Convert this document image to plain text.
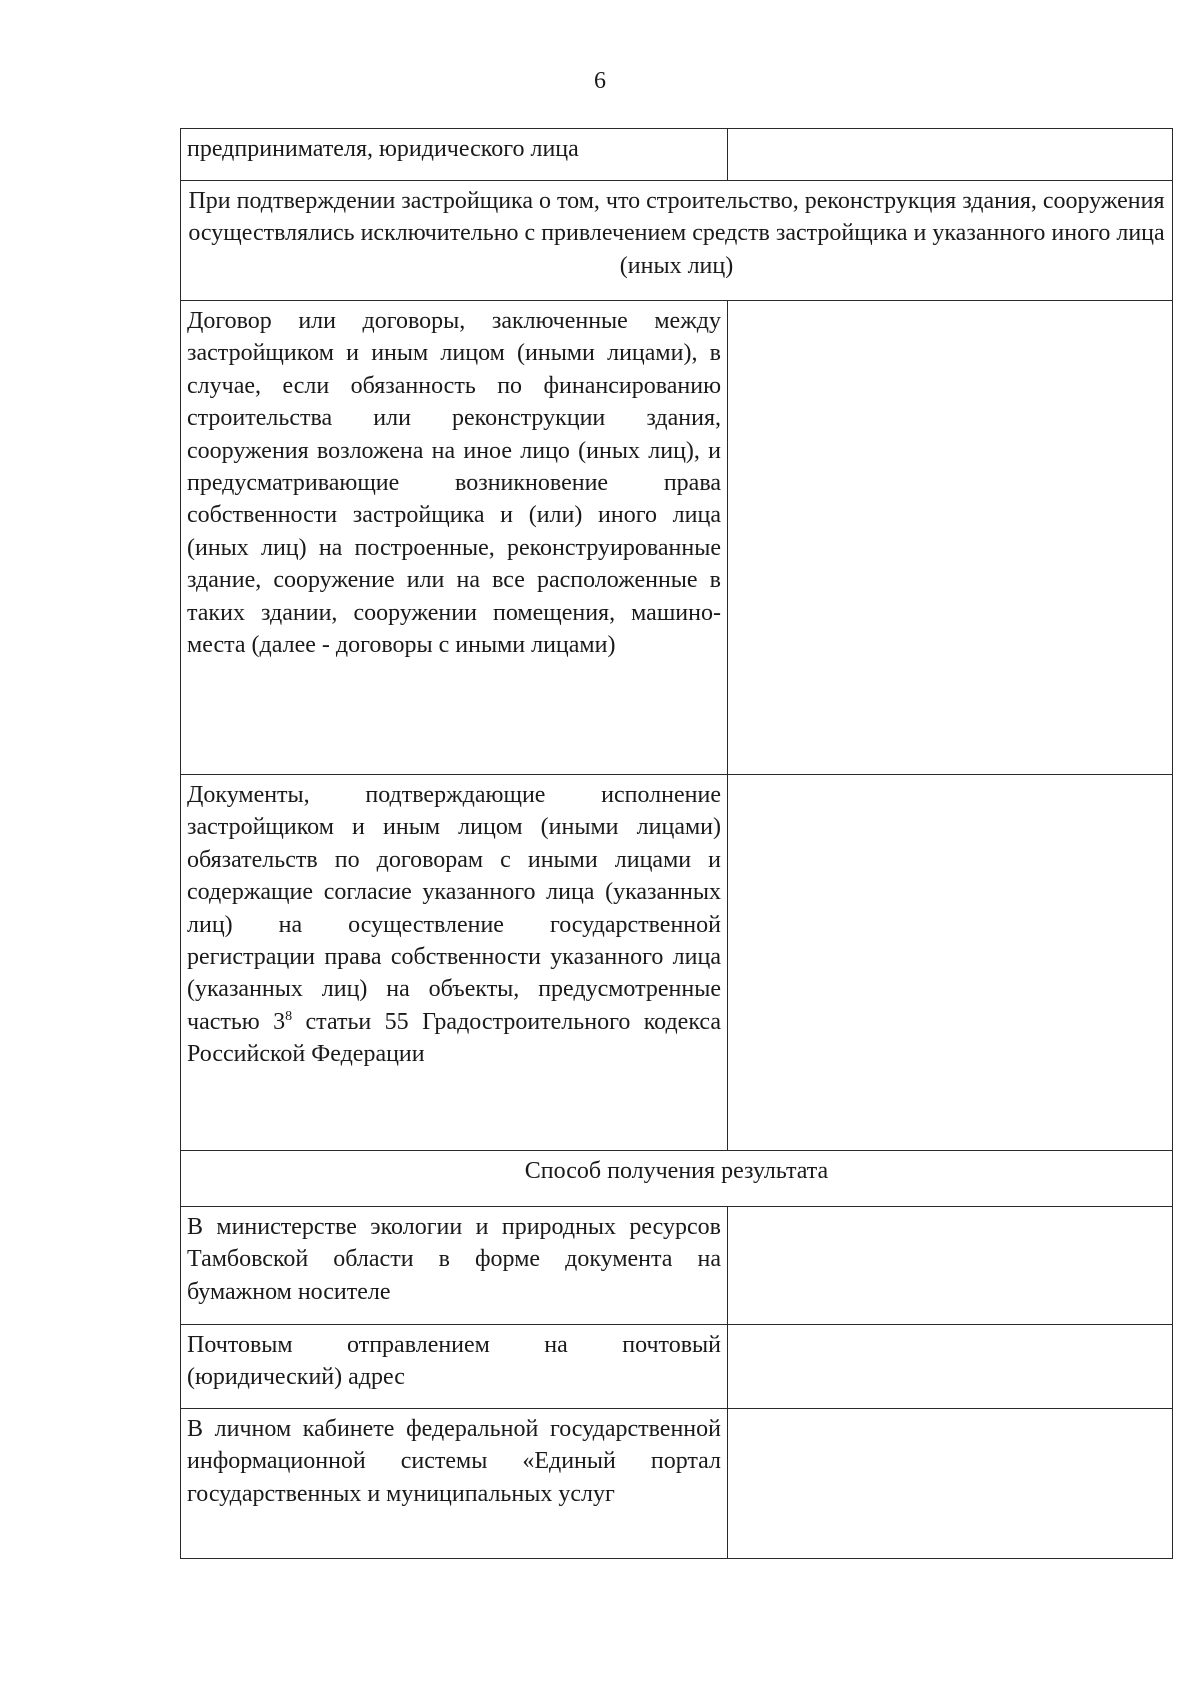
6
предпринимателя, юридического лица	
При подтверждении застройщика о том, что строительство, реконструкция здания, сооружения осуществлялись исключительно с привлечением средств застройщика и указанного иного лица (иных лиц)	
Договор или договоры, заключенные между застройщиком и иным лицом (иными лицами), в случае, если обязанность по финансированию строительства или реконструкции здания, сооружения возложена на иное лицо (иных лиц), и предусматривающие возникновение права собственности застройщика и (или) иного лица (иных лиц) на построенные, реконструированные здание, сооружение или на все расположенные в таких здании, сооружении помещения, машино-места (далее - договоры с иными лицами)	
Документы, подтверждающие исполнение застройщиком и иным лицом (иными лицами) обязательств по договорам с иными лицами и содержащие согласие указанного лица (указанных лиц) на осуществление государственной регистрации права собственности указанного лица (указанных лиц) на объекты, предусмотренные частью $3^8$ статьи 55 Градостроительного кодекса Российской Федерации	
Способ получения результата	
В министерстве экологии и природных ресурсов Тамбовской области в форме документа на бумажном носителе	
Почтовым отправлением на почтовый (юридический) адрес	
В личном кабинете федеральной государственной информационной системы «Единый портал государственных и муниципальных услуг	
